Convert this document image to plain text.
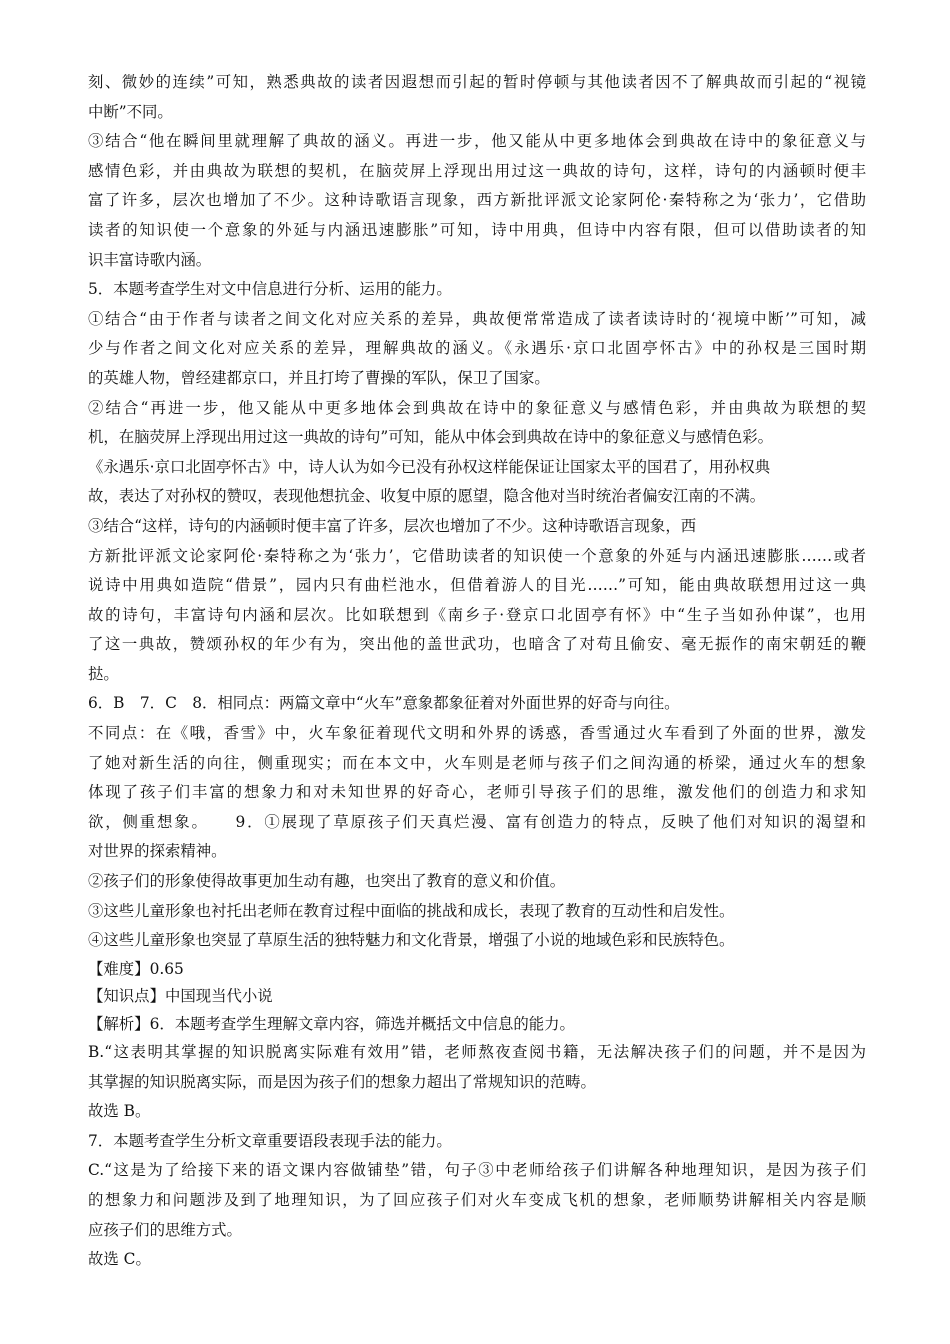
刻、微妙的连续”可知，熟悉典故的读者因遐想而引起的暂时停顿与其他读者因不了解典故而引起的“视镜
中断”不同。
③结合“他在瞬间里就理解了典故的涵义。再进一步，他又能从中更多地体会到典故在诗中的象征意义与
感情色彩，并由典故为联想的契机，在脑荧屏上浮现出用过这一典故的诗句，这样，诗句的内涵顿时便丰
富了许多，层次也增加了不少。这种诗歌语言现象，西方新批评派文论家阿伦·秦特称之为‘张力’，它借助
读者的知识使一个意象的外延与内涵迅速膨胀”可知，诗中用典，但诗中内容有限，但可以借助读者的知
识丰富诗歌内涵。
5．本题考查学生对文中信息进行分析、运用的能力。
①结合“由于作者与读者之间文化对应关系的差异，典故便常常造成了读者读诗时的‘视境中断’”可知，减
少与作者之间文化对应关系的差异，理解典故的涵义。《永遇乐·京口北固亭怀古》中的孙权是三国时期
的英雄人物，曾经建都京口，并且打垮了曹操的军队，保卫了国家。
②结合“再进一步，他又能从中更多地体会到典故在诗中的象征意义与感情色彩，并由典故为联想的契
机，在脑荧屏上浮现出用过这一典故的诗句”可知，能从中体会到典故在诗中的象征意义与感情色彩。
《永遇乐·京口北固亭怀古》中，诗人认为如今已没有孙权这样能保证让国家太平的国君了，用孙权典
故，表达了对孙权的赞叹，表现他想抗金、收复中原的愿望，隐含他对当时统治者偏安江南的不满。
③结合“这样，诗句的内涵顿时便丰富了许多，层次也增加了不少。这种诗歌语言现象，西
方新批评派文论家阿伦·秦特称之为‘张力’，它借助读者的知识使一个意象的外延与内涵迅速膨胀……或者
说诗中用典如造院“借景”，园内只有曲栏池水，但借着游人的目光……”可知，能由典故联想用过这一典
故的诗句，丰富诗句内涵和层次。比如联想到《南乡子·登京口北固亭有怀》中“生子当如孙仲谋”，也用
了这一典故，赞颂孙权的年少有为，突出他的盖世武功，也暗含了对苟且偷安、毫无振作的南宋朝廷的鞭
挞。
6．B　7．C　8．相同点：两篇文章中“火车”意象都象征着对外面世界的好奇与向往。
不同点：在《哦，香雪》中，火车象征着现代文明和外界的诱惑，香雪通过火车看到了外面的世界，激发
了她对新生活的向往，侧重现实；而在本文中，火车则是老师与孩子们之间沟通的桥梁，通过火车的想象
体现了孩子们丰富的想象力和对未知世界的好奇心，老师引导孩子们的思维，激发他们的创造力和求知
欲，侧重想象。　　9．①展现了草原孩子们天真烂漫、富有创造力的特点，反映了他们对知识的渴望和
对世界的探索精神。
②孩子们的形象使得故事更加生动有趣，也突出了教育的意义和价值。
③这些儿童形象也衬托出老师在教育过程中面临的挑战和成长，表现了教育的互动性和启发性。
④这些儿童形象也突显了草原生活的独特魅力和文化背景，增强了小说的地域色彩和民族特色。
【难度】0.65
【知识点】中国现当代小说
【解析】6．本题考查学生理解文章内容，筛选并概括文中信息的能力。
B.“这表明其掌握的知识脱离实际难有效用”错，老师熬夜查阅书籍，无法解决孩子们的问题，并不是因为
其掌握的知识脱离实际，而是因为孩子们的想象力超出了常规知识的范畴。
故选 B。
7．本题考查学生分析文章重要语段表现手法的能力。
C.“这是为了给接下来的语文课内容做铺垫”错，句子③中老师给孩子们讲解各种地理知识，是因为孩子们
的想象力和问题涉及到了地理知识，为了回应孩子们对火车变成飞机的想象，老师顺势讲解相关内容是顺
应孩子们的思维方式。
故选 C。
